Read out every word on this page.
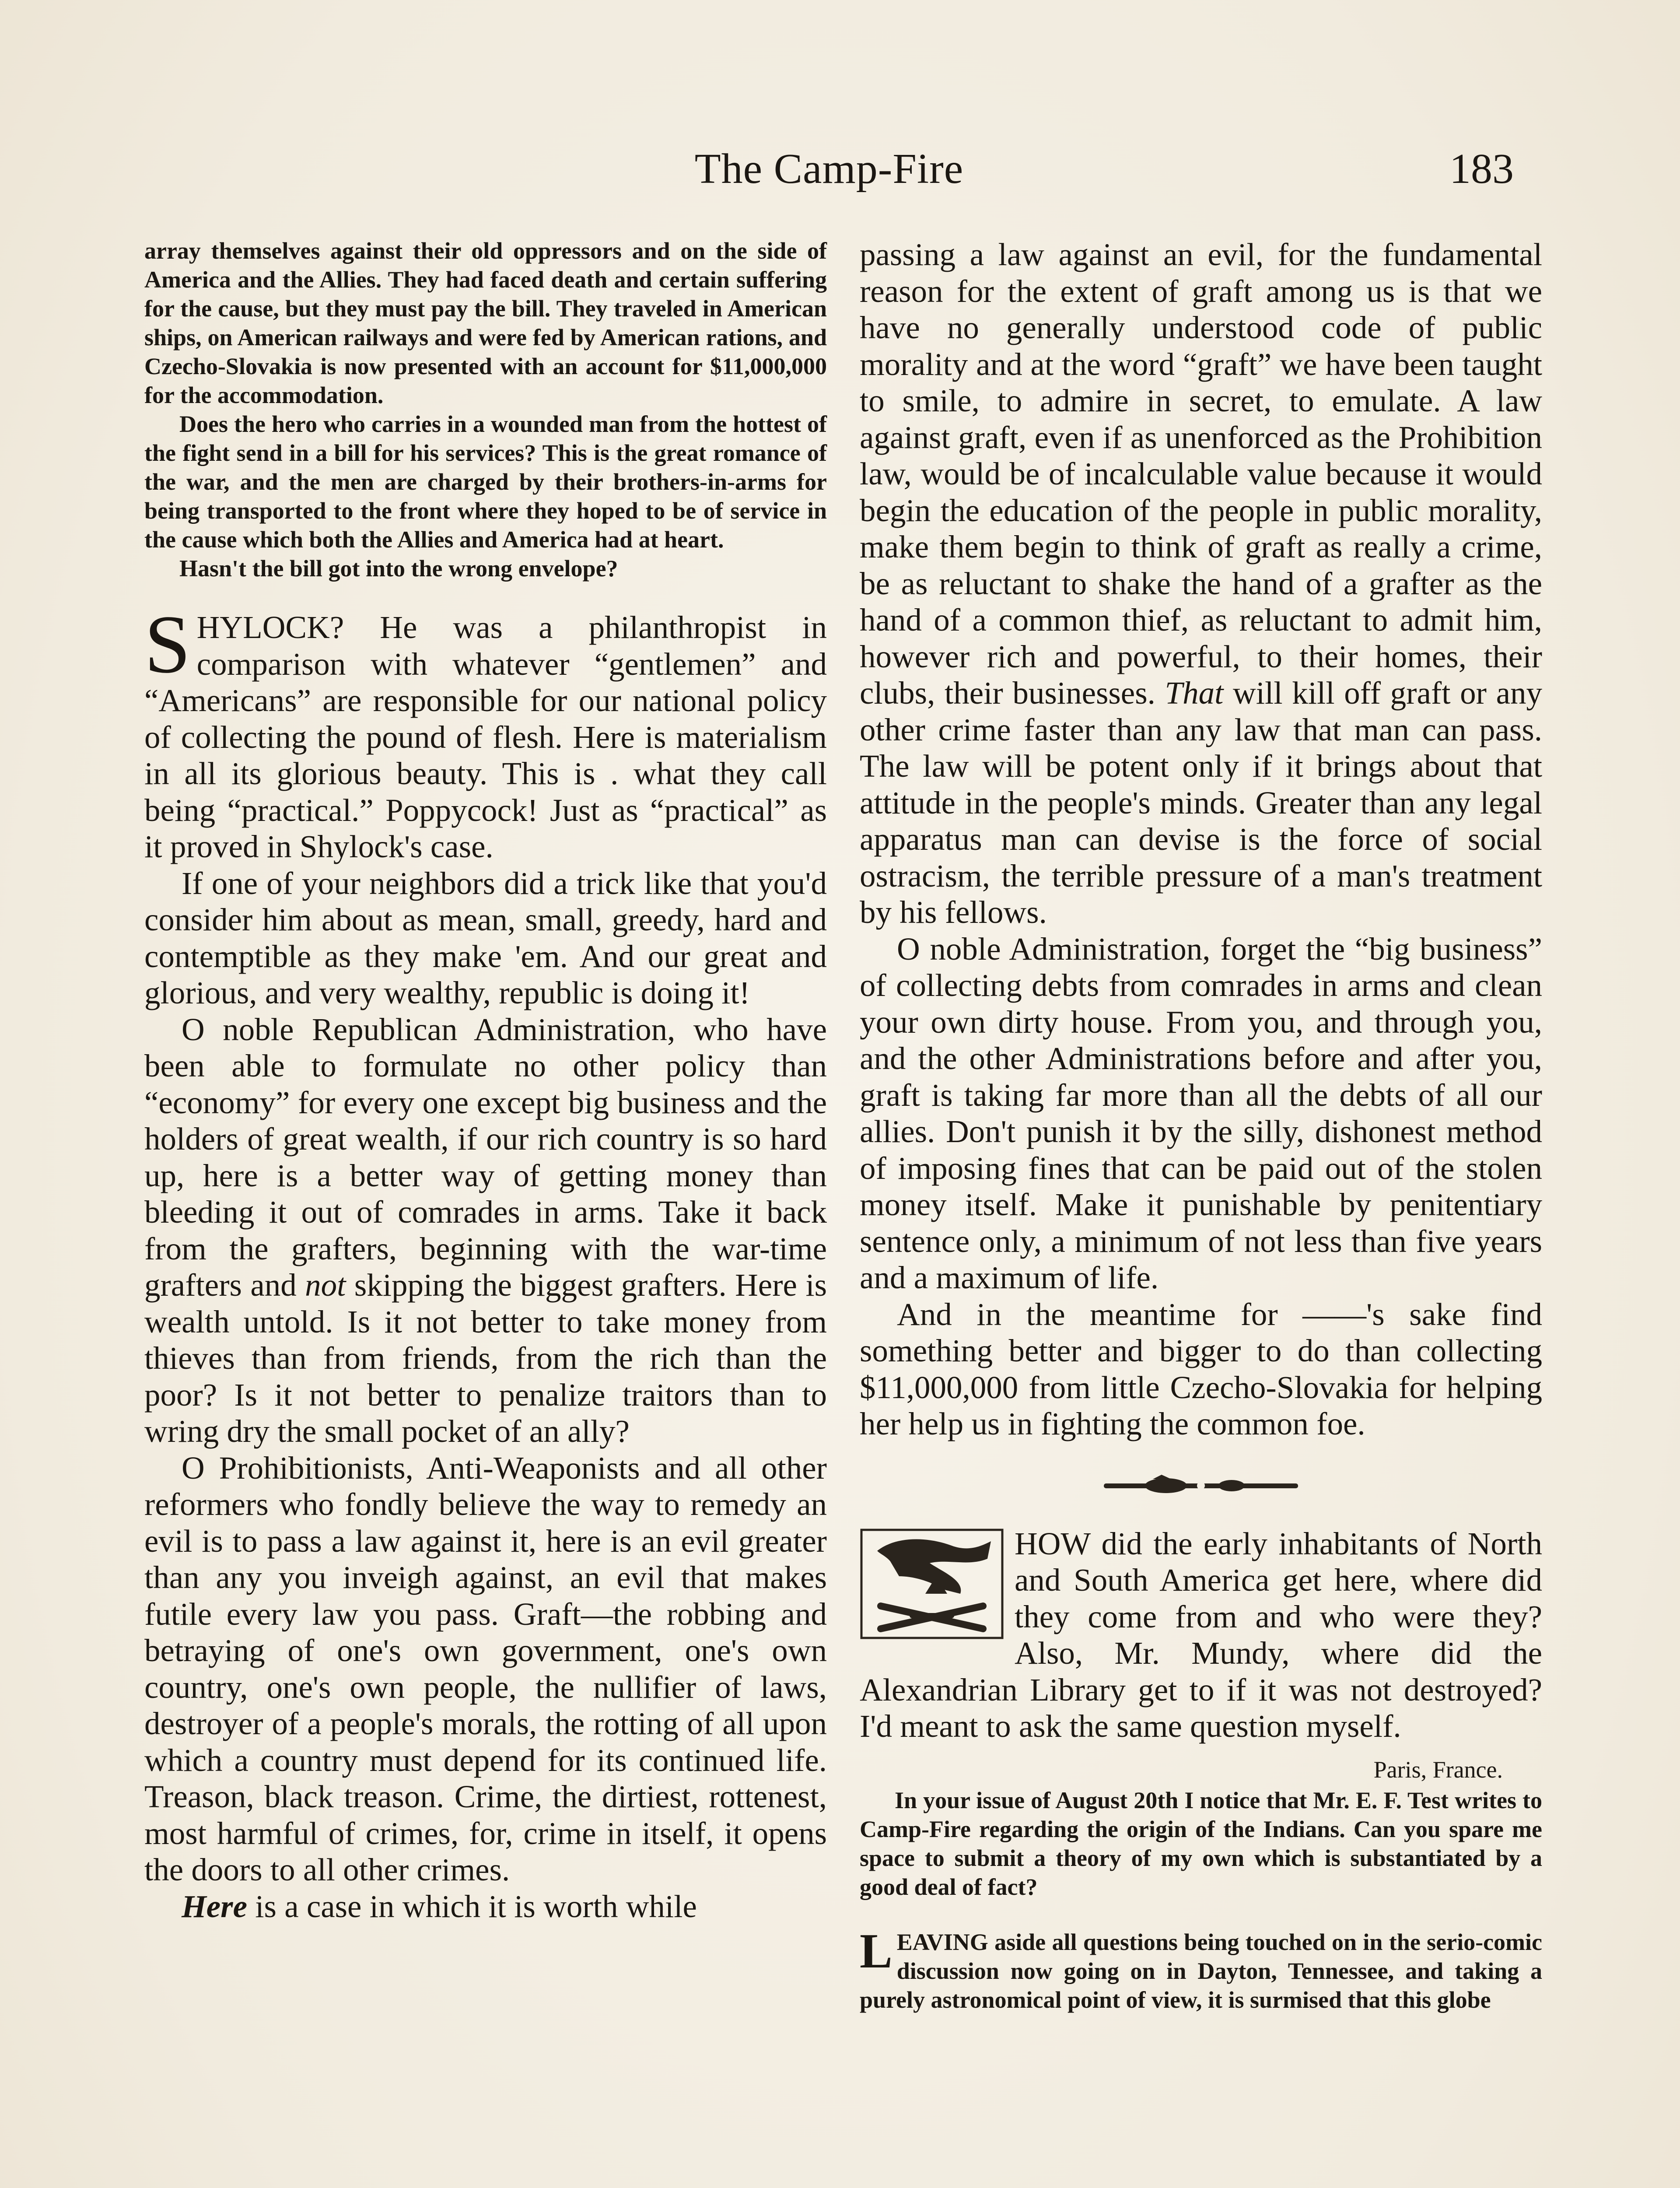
The Camp-Fire	183

array themselves against their old oppressors and on the side of America and the Allies. They had faced death and certain suffering for the cause, but they must pay the bill. They traveled in American ships, on American railways and were fed by American rations, and Czecho-Slovakia is now presented with an account for $11,000,000 for the accommodation.

Does the hero who carries in a wounded man from the hottest of the fight send in a bill for his services? This is the great romance of the war, and the men are charged by their brothers-in-arms for being transported to the front where they hoped to be of service in the cause which both the Allies and America had at heart.

Hasn't the bill got into the wrong envelope?

SHYLOCK? He was a philanthropist in comparison with whatever “gentlemen” and “Americans” are responsible for our national policy of collecting the pound of flesh. Here is materialism in all its glorious beauty. This is . what they call being “practical.” Poppycock! Just as “practical” as it proved in Shylock's case.

If one of your neighbors did a trick like that you'd consider him about as mean, small, greedy, hard and contemptible as they make 'em. And our great and glorious, and very wealthy, republic is doing it!

O noble Republican Administration, who have been able to formulate no other policy than “economy” for every one except big business and the holders of great wealth, if our rich country is so hard up, here is a better way of getting money than bleeding it out of comrades in arms. Take it back from the grafters, beginning with the war-time grafters and not skipping the biggest grafters. Here is wealth untold. Is it not better to take money from thieves than from friends, from the rich than the poor? Is it not better to penalize traitors than to wring dry the small pocket of an ally?

O Prohibitionists, Anti-Weaponists and all other reformers who fondly believe the way to remedy an evil is to pass a law against it, here is an evil greater than any you inveigh against, an evil that makes futile every law you pass. Graft—the robbing and betraying of one's own government, one's own country, one's own people, the nullifier of laws, destroyer of a people's morals, the rotting of all upon which a country must depend for its continued life. Treason, black treason. Crime, the dirtiest, rottenest, most harmful of crimes, for, crime in itself, it opens the doors to all other crimes.

Here is a case in which it is worth while

passing a law against an evil, for the fundamental reason for the extent of graft among us is that we have no generally understood code of public morality and at the word “graft” we have been taught to smile, to admire in secret, to emulate. A law against graft, even if as unenforced as the Prohibition law, would be of incalculable value because it would begin the education of the people in public morality, make them begin to think of graft as really a crime, be as reluctant to shake the hand of a grafter as the hand of a common thief, as reluctant to admit him, however rich and powerful, to their homes, their clubs, their businesses. That will kill off graft or any other crime faster than any law that man can pass. The law will be potent only if it brings about that attitude in the people's minds. Greater than any legal apparatus man can devise is the force of social ostracism, the terrible pressure of a man's treatment by his fellows.

O noble Administration, forget the “big business” of collecting debts from comrades in arms and clean your own dirty house. From you, and through you, and the other Administrations before and after you, graft is taking far more than all the debts of all our allies. Don't punish it by the silly, dishonest method of imposing fines that can be paid out of the stolen money itself. Make it punishable by penitentiary sentence only, a minimum of not less than five years and a maximum of life.

And in the meantime for ——'s sake find something better and bigger to do than collecting $11,000,000 from little Czecho-Slovakia for helping her help us in fighting the common foe.

HOW did the early inhabitants of North and South America get here, where did they come from and who were they? Also, Mr. Mundy, where did the Alexandrian Library get to if it was not destroyed? I'd meant to ask the same question myself.

Paris, France.

In your issue of August 20th I notice that Mr. E. F. Test writes to Camp-Fire regarding the origin of the Indians. Can you spare me space to submit a theory of my own which is substantiated by a good deal of fact?

LEAVING aside all questions being touched on in the serio-comic discussion now going on in Dayton, Tennessee, and taking a purely astronomical point of view, it is surmised that this globe
